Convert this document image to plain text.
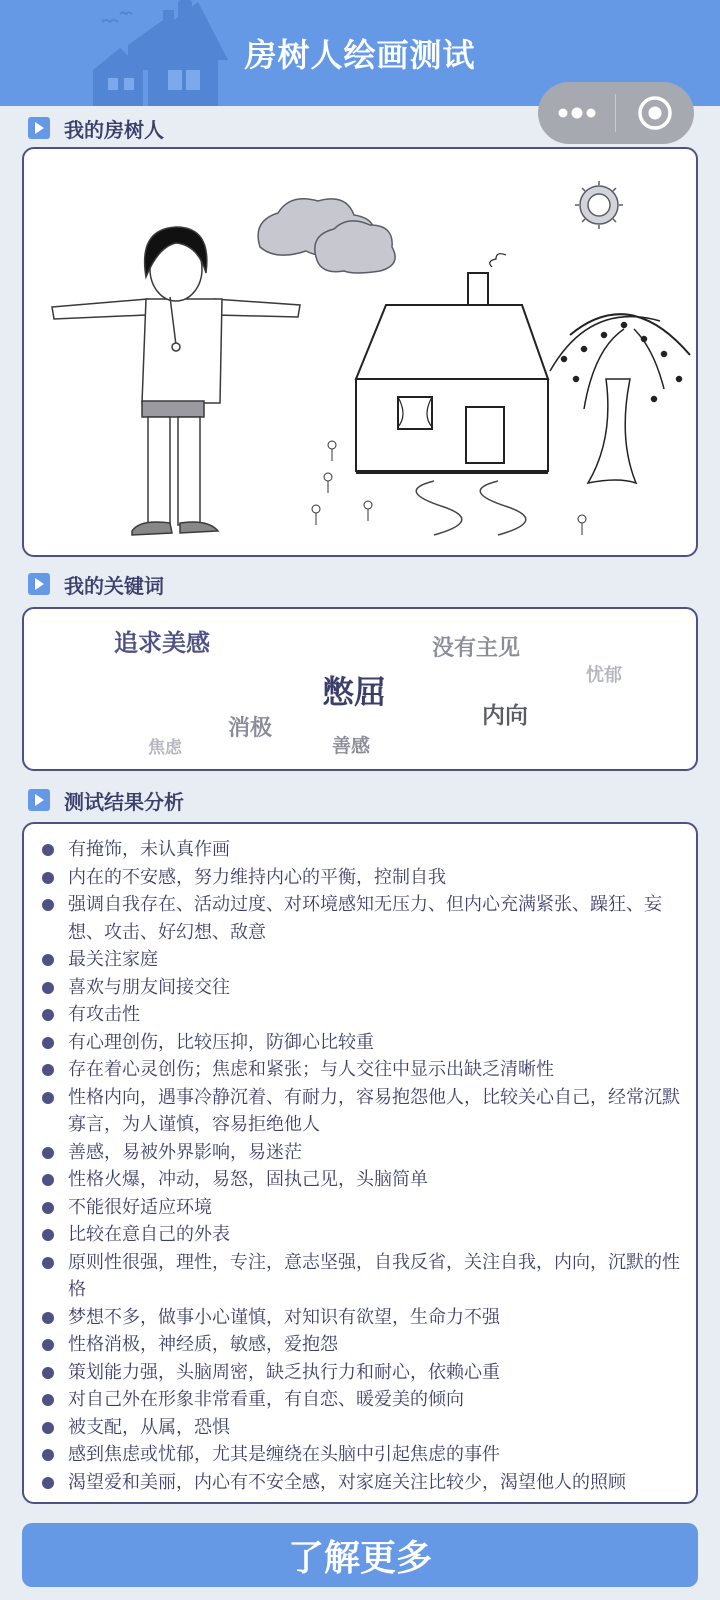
房树人绘画测试
我的房树人
我的关键词
追求美感	没有主见
忧郁
憋屈
消极	内向
焦虑	善感
测试结果分析
有掩饰，未认真作画
内在的不安感，努力维持内心的平衡，控制自我
强调自我存在、活动过度、对环境感知无压力、但内心充满紧张、躁狂、妄想、攻击、好幻想、敌意
最关注家庭
喜欢与朋友间接交往
有攻击性
有心理创伤，比较压抑，防御心比较重
存在着心灵创伤；焦虑和紧张；与人交往中显示出缺乏清晰性
性格内向，遇事冷静沉着、有耐力，容易抱怨他人，比较关心自己，经常沉默寡言，为人谨慎，容易拒绝他人
善感，易被外界影响，易迷茫
性格火爆，冲动，易怒，固执己见，头脑简单
不能很好适应环境
比较在意自己的外表
原则性很强，理性，专注，意志坚强，自我反省，关注自我，内向，沉默的性格
梦想不多，做事小心谨慎，对知识有欲望，生命力不强
性格消极，神经质，敏感，爱抱怨
策划能力强，头脑周密，缺乏执行力和耐心，依赖心重
对自己外在形象非常看重，有自恋、暖爱美的倾向
被支配，从属，恐惧
感到焦虑或忧郁，尤其是缠绕在头脑中引起焦虑的事件
渴望爱和美丽，内心有不安全感，对家庭关注比较少，渴望他人的照顾
了解更多
